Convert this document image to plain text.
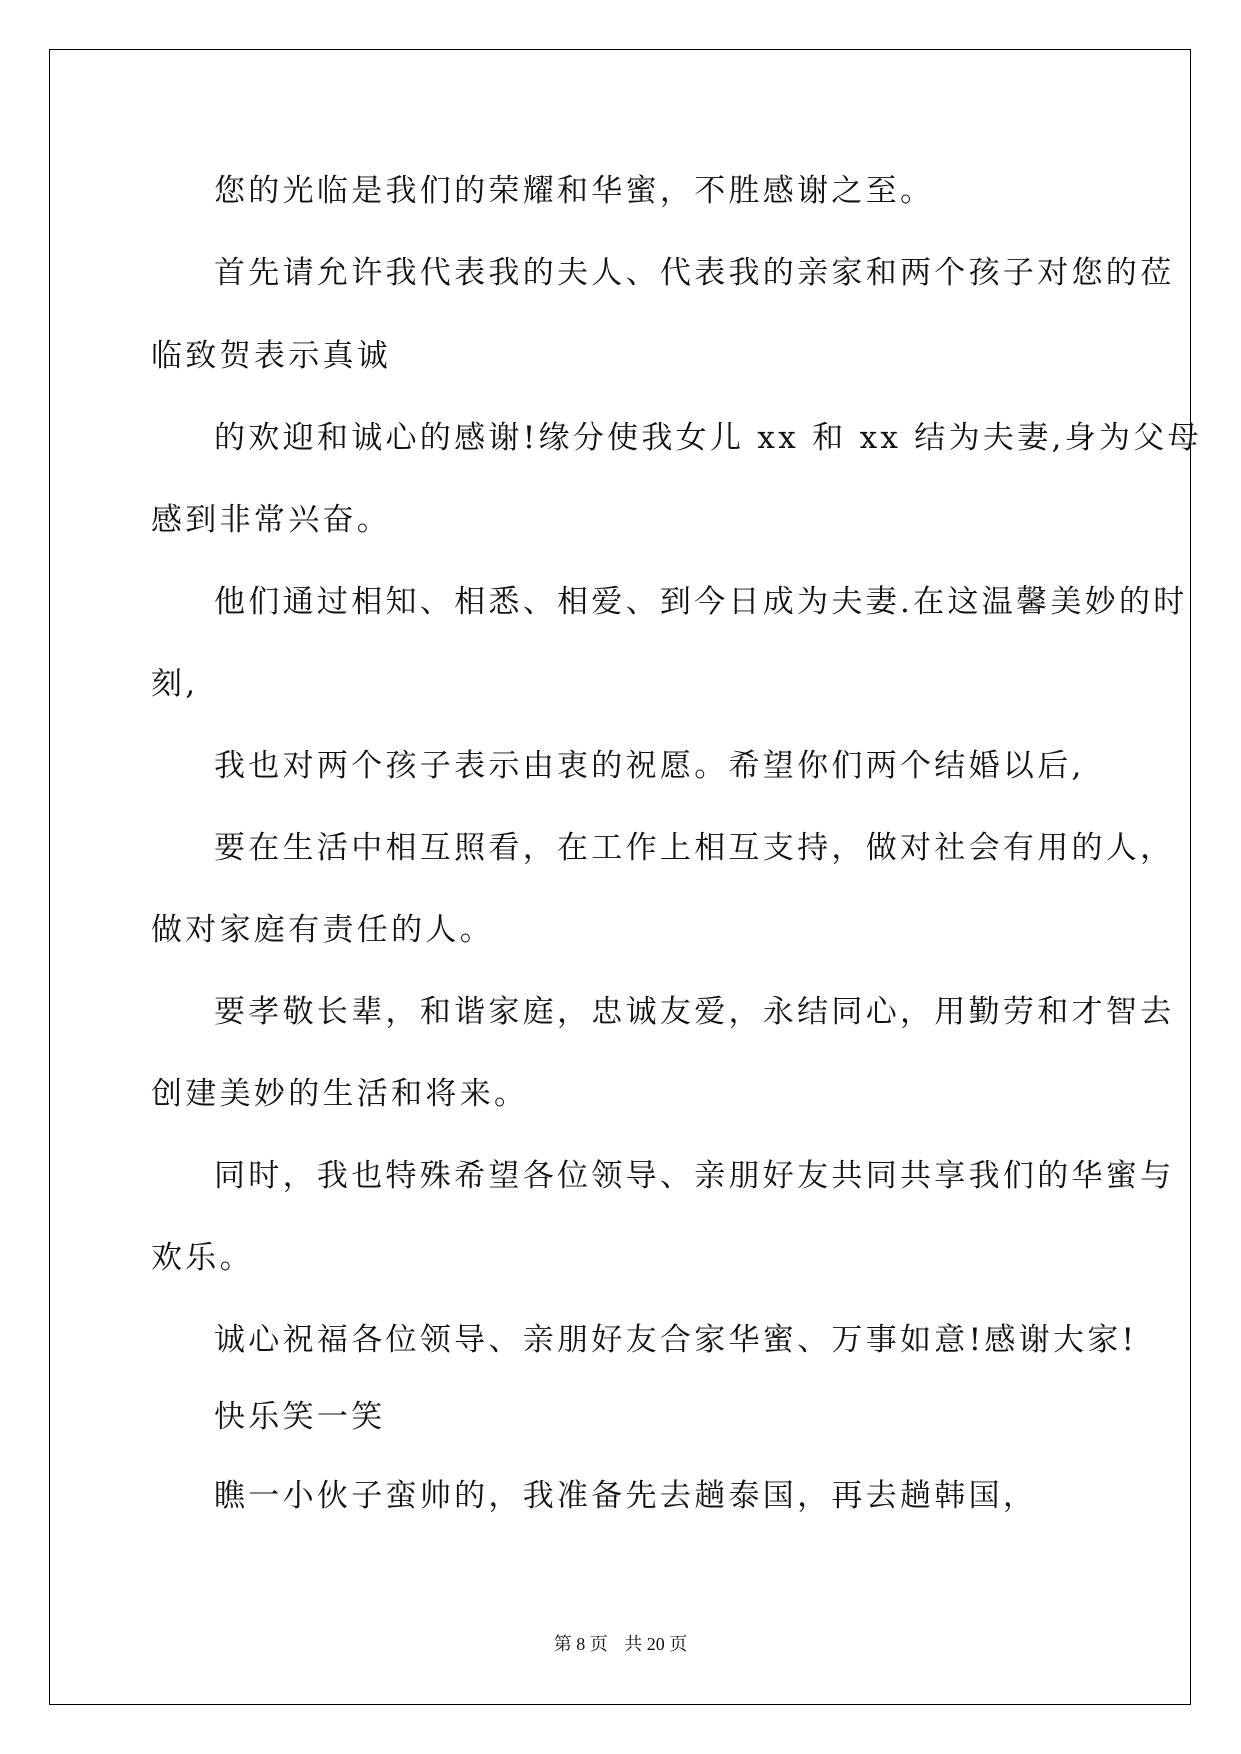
您的光临是我们的荣耀和华蜜，不胜感谢之至。
首先请允许我代表我的夫人、代表我的亲家和两个孩子对您的莅
临致贺表示真诚
的欢迎和诚心的感谢!缘分使我女儿 xx 和 xx 结为夫妻,身为父母
感到非常兴奋。
他们通过相知、相悉、相爱、到今日成为夫妻.在这温馨美妙的时
刻,
我也对两个孩子表示由衷的祝愿。希望你们两个结婚以后,
要在生活中相互照看，在工作上相互支持，做对社会有用的人，
做对家庭有责任的人。
要孝敬长辈，和谐家庭，忠诚友爱，永结同心，用勤劳和才智去
创建美妙的生活和将来。
同时，我也特殊希望各位领导、亲朋好友共同共享我们的华蜜与
欢乐。
诚心祝福各位领导、亲朋好友合家华蜜、万事如意!感谢大家!
快乐笑一笑
瞧一小伙子蛮帅的，我准备先去趟泰国，再去趟韩国，
第 8 页 共 20 页
